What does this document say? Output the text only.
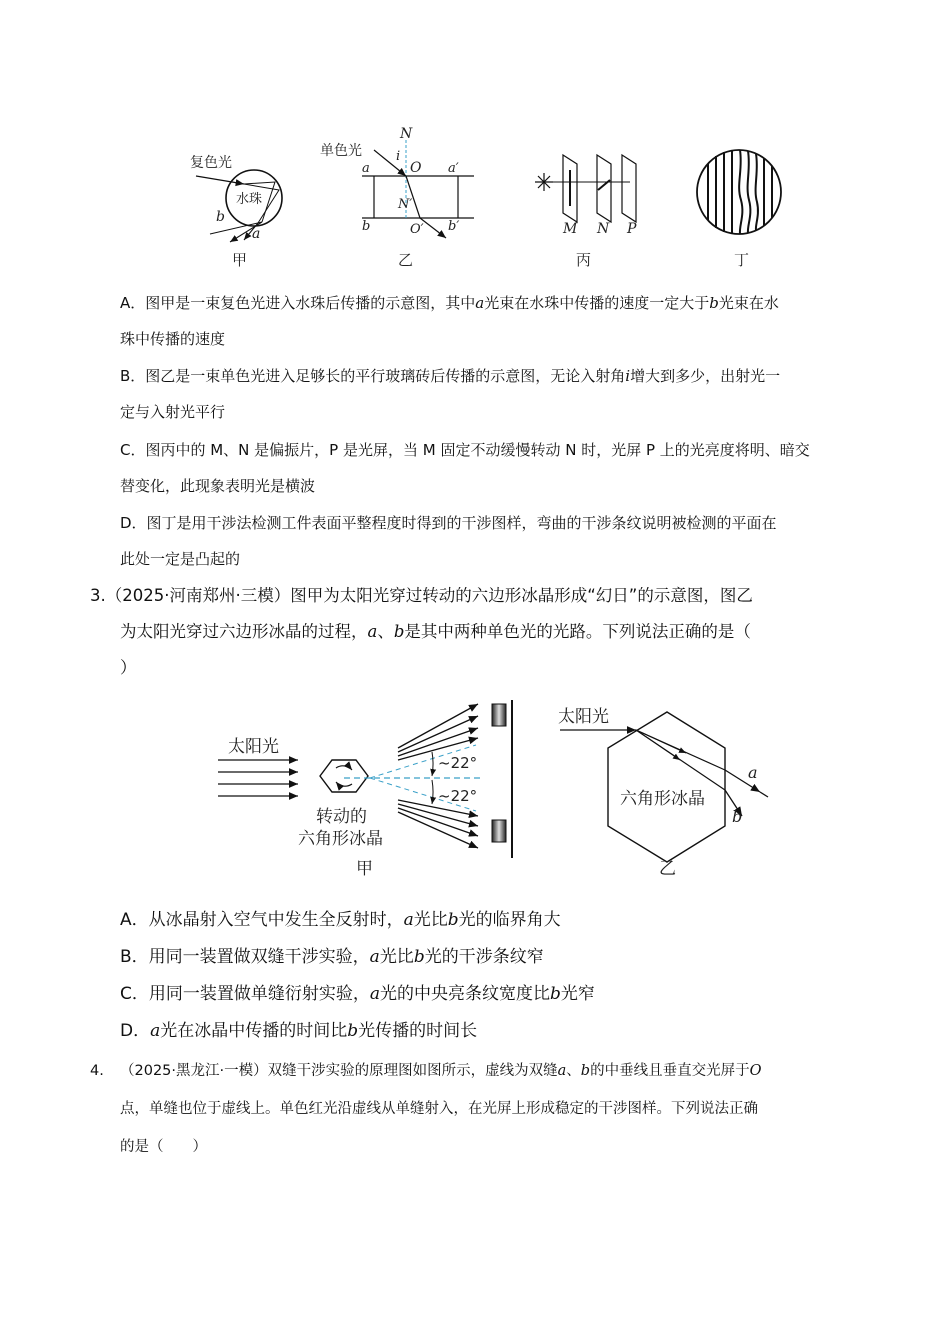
复色光
水珠
b
a
甲
单色光
N
i
O
a	a′
N′
b	O′ b′
乙
M N P
丙	丁
A．图甲是一束复色光进入水珠后传播的示意图，其中a光束在水珠中传播的速度一定大于b光束在水
珠中传播的速度
B．图乙是一束单色光进入足够长的平行玻璃砖后传播的示意图，无论入射角i增大到多少，出射光一
定与入射光平行
C．图丙中的 M、N 是偏振片，P 是光屏，当 M 固定不动缓慢转动 N 时，光屏 P 上的光亮度将明、暗交
替变化，此现象表明光是横波
D．图丁是用干涉法检测工件表面平整程度时得到的干涉图样，弯曲的干涉条纹说明被检测的平面在
此处一定是凸起的
3.（2025·河南郑州·三模）图甲为太阳光穿过转动的六边形冰晶形成“幻日”的示意图，图乙
为太阳光穿过六边形冰晶的过程，a、b是其中两种单色光的光路。下列说法正确的是（
）
太阳光
~22°
~22°
转动的
六角形冰晶
甲
太阳光
a
b
六角形冰晶
乙
A．从冰晶射入空气中发生全反射时，a光比b光的临界角大
B．用同一装置做双缝干涉实验，a光比b光的干涉条纹窄
C．用同一装置做单缝衍射实验，a光的中央亮条纹宽度比b光窄
D．a光在冰晶中传播的时间比b光传播的时间长
4. （2025·黑龙江·一模）双缝干涉实验的原理图如图所示，虚线为双缝a、b的中垂线且垂直交光屏于O
点，单缝也位于虚线上。单色红光沿虚线从单缝射入，在光屏上形成稳定的干涉图样。下列说法正确
的是（　　）
